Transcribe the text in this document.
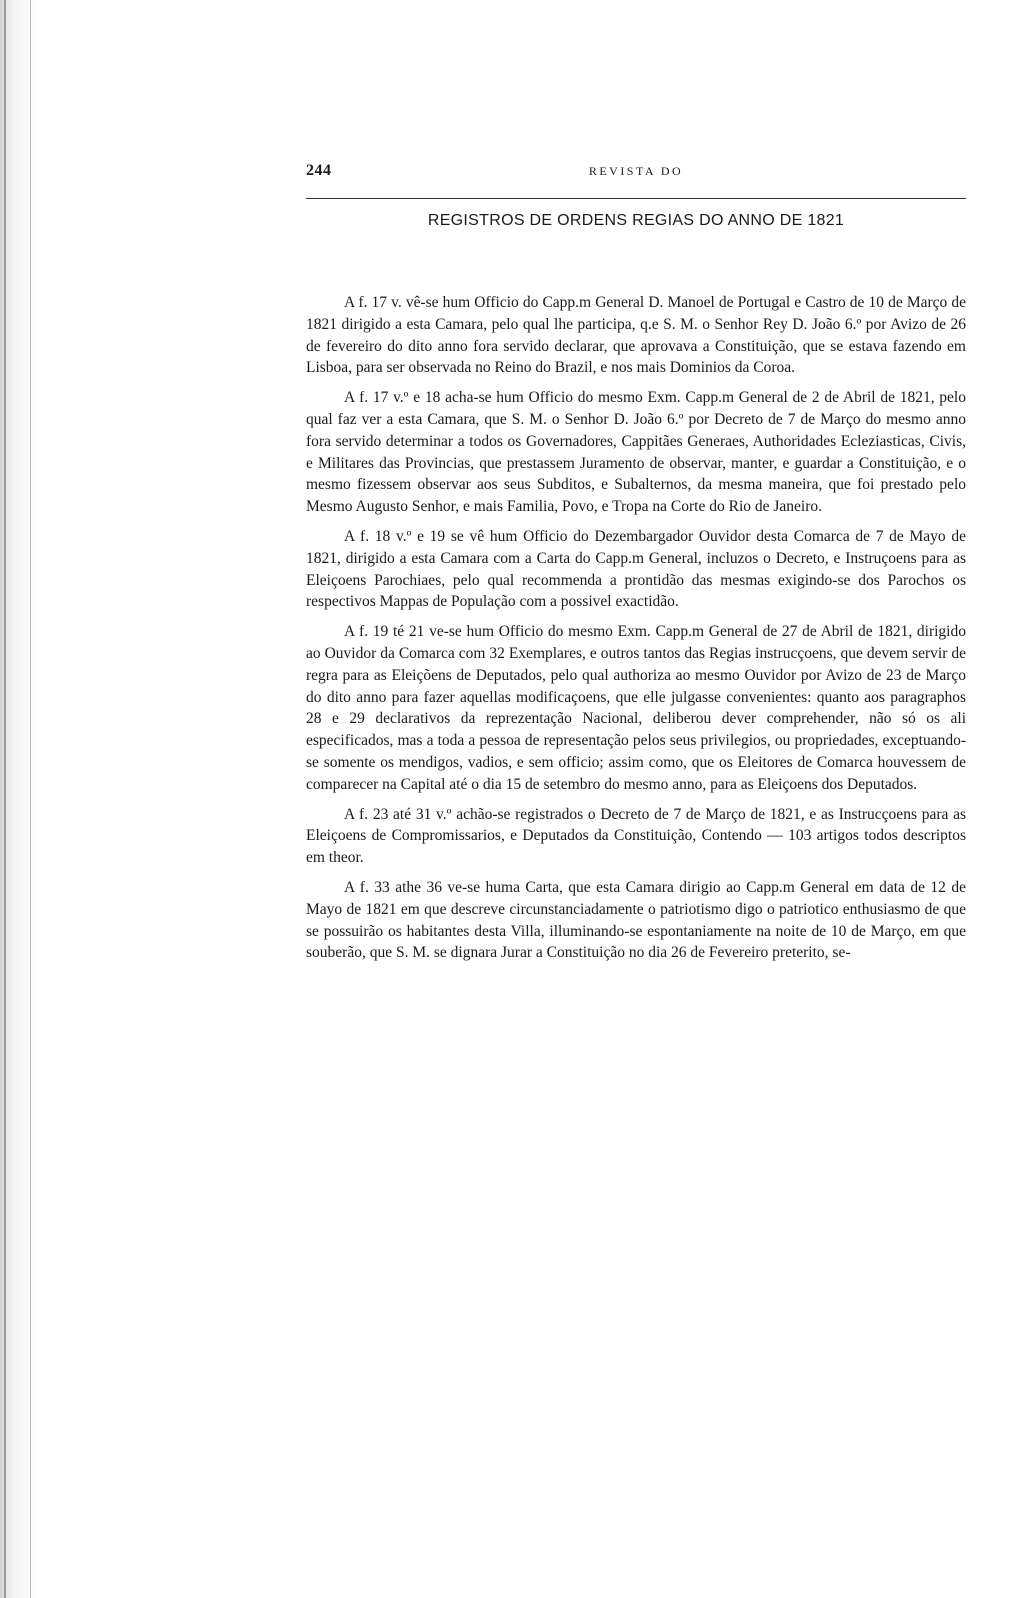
244	REVISTA DO
REGISTROS DE ORDENS REGIAS DO ANNO DE 1821

A f. 17 v. vê-se hum Officio do Capp.m General D. Manoel de Portugal e Castro de 10 de Março de 1821 dirigido a esta Camara, pelo qual lhe participa, q.e S. M. o Senhor Rey D. João 6.º por Avizo de 26 de fevereiro do dito anno fora servido declarar, que aprovava a Constituição, que se estava fazendo em Lisboa, para ser observada no Reino do Brazil, e nos mais Dominios da Coroa.

A f. 17 v.º e 18 acha-se hum Officio do mesmo Exm. Capp.m General de 2 de Abril de 1821, pelo qual faz ver a esta Camara, que S. M. o Senhor D. João 6.º por Decreto de 7 de Março do mesmo anno fora servido determinar a todos os Governadores, Cappitães Generaes, Authoridades Ecleziasticas, Civis, e Militares das Provincias, que prestassem Juramento de observar, manter, e guardar a Constituição, e o mesmo fizessem observar aos seus Subditos, e Subalternos, da mesma maneira, que foi prestado pelo Mesmo Augusto Senhor, e mais Familia, Povo, e Tropa na Corte do Rio de Janeiro.

A f. 18 v.º e 19 se vê hum Officio do Dezembargador Ouvidor desta Comarca de 7 de Mayo de 1821, dirigido a esta Camara com a Carta do Capp.m General, incluzos o Decreto, e Instruçoens para as Eleiçoens Parochiaes, pelo qual recommenda a prontidão das mesmas exigindo-se dos Parochos os respectivos Mappas de População com a possivel exactidão.

A f. 19 té 21 ve-se hum Officio do mesmo Exm. Capp.m General de 27 de Abril de 1821, dirigido ao Ouvidor da Comarca com 32 Exemplares, e outros tantos das Regias instrucçoens, que devem servir de regra para as Eleiçõens de Deputados, pelo qual authoriza ao mesmo Ouvidor por Avizo de 23 de Março do dito anno para fazer aquellas modificaçoens, que elle julgasse convenientes: quanto aos paragraphos 28 e 29 declarativos da reprezentação Nacional, deliberou dever comprehender, não só os ali especificados, mas a toda a pessoa de representação pelos seus privilegios, ou propriedades, exceptuando-se somente os mendigos, vadios, e sem officio; assim como, que os Eleitores de Comarca houvessem de comparecer na Capital até o dia 15 de setembro do mesmo anno, para as Eleiçoens dos Deputados.

A f. 23 até 31 v.º achão-se registrados o Decreto de 7 de Março de 1821, e as Instrucçoens para as Eleiçoens de Compromissarios, e Deputados da Constituição, Contendo — 103 artigos todos descriptos em theor.

A f. 33 athe 36 ve-se huma Carta, que esta Camara dirigio ao Capp.m General em data de 12 de Mayo de 1821 em que descreve circunstanciadamente o patriotismo digo o patriotico enthusiasmo de que se possuirão os habitantes desta Villa, illuminando-se espontaniamente na noite de 10 de Março, em que souberão, que S. M. se dignara Jurar a Constituição no dia 26 de Fevereiro preterito, se-
